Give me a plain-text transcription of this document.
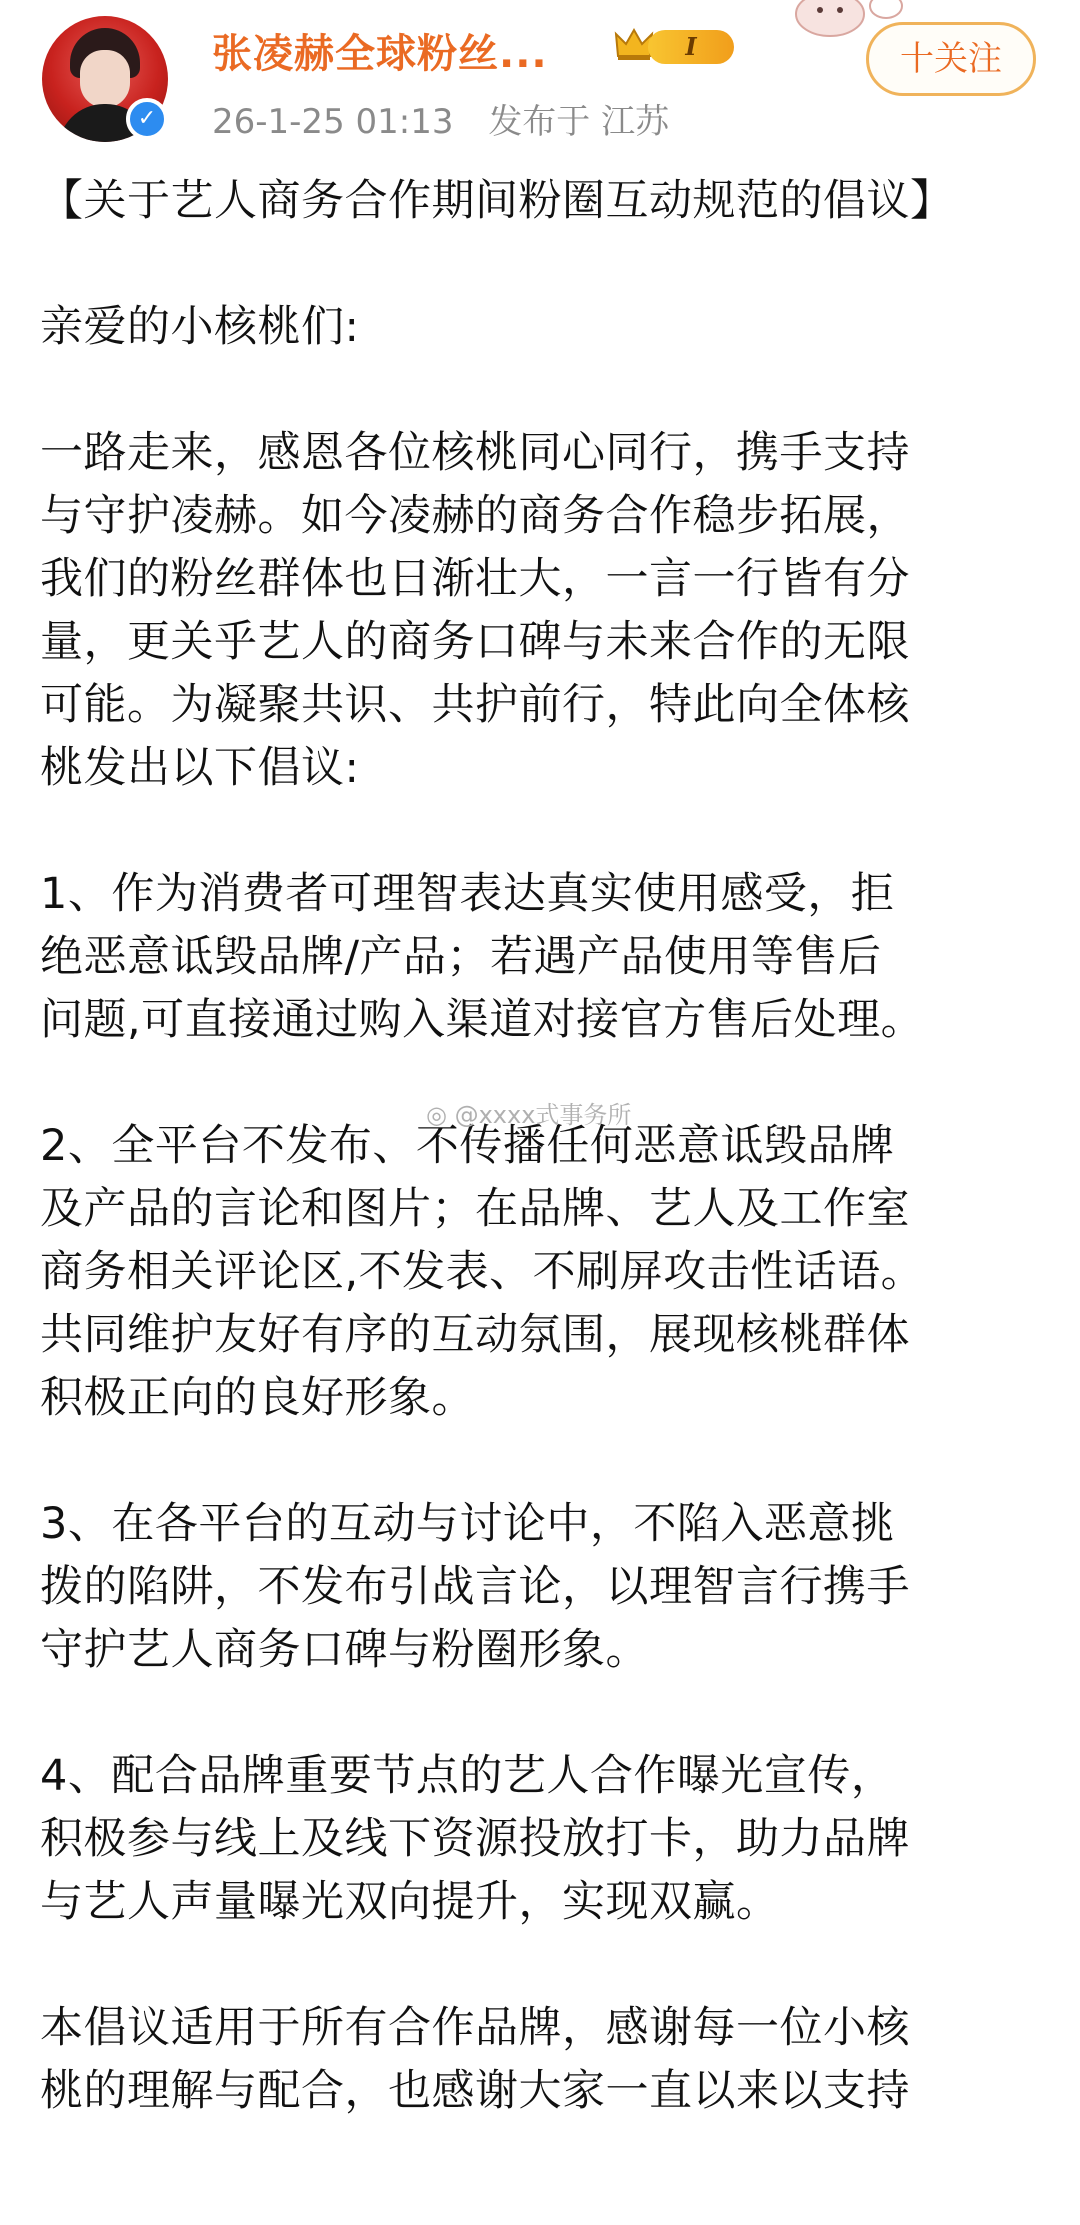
✓
张凌赫全球粉丝...	I
26-1-25 01:13 发布于 江苏
十关注
【关于艺人商务合作期间粉圈互动规范的倡议】
亲爱的小核桃们:
一路走来，感恩各位核桃同心同行，携手支持
与守护凌赫。如今凌赫的商务合作稳步拓展，
我们的粉丝群体也日渐壮大，一言一行皆有分
量，更关乎艺人的商务口碑与未来合作的无限
可能。为凝聚共识、共护前行，特此向全体核
桃发出以下倡议:
1、作为消费者可理智表达真实使用感受，拒
绝恶意诋毁品牌/产品；若遇产品使用等售后
问题,可直接通过购入渠道对接官方售后处理。
2、全平台不发布、不传播任何恶意诋毁品牌
及产品的言论和图片；在品牌、艺人及工作室
商务相关评论区,不发表、不刷屏攻击性话语。
共同维护友好有序的互动氛围，展现核桃群体
积极正向的良好形象。
3、在各平台的互动与讨论中，不陷入恶意挑
拨的陷阱，不发布引战言论，以理智言行携手
守护艺人商务口碑与粉圈形象。
4、配合品牌重要节点的艺人合作曝光宣传，
积极参与线上及线下资源投放打卡，助力品牌
与艺人声量曝光双向提升，实现双赢。
本倡议适用于所有合作品牌，感谢每一位小核
桃的理解与配合，也感谢大家一直以来以支持
◎ @xxxx式事务所
